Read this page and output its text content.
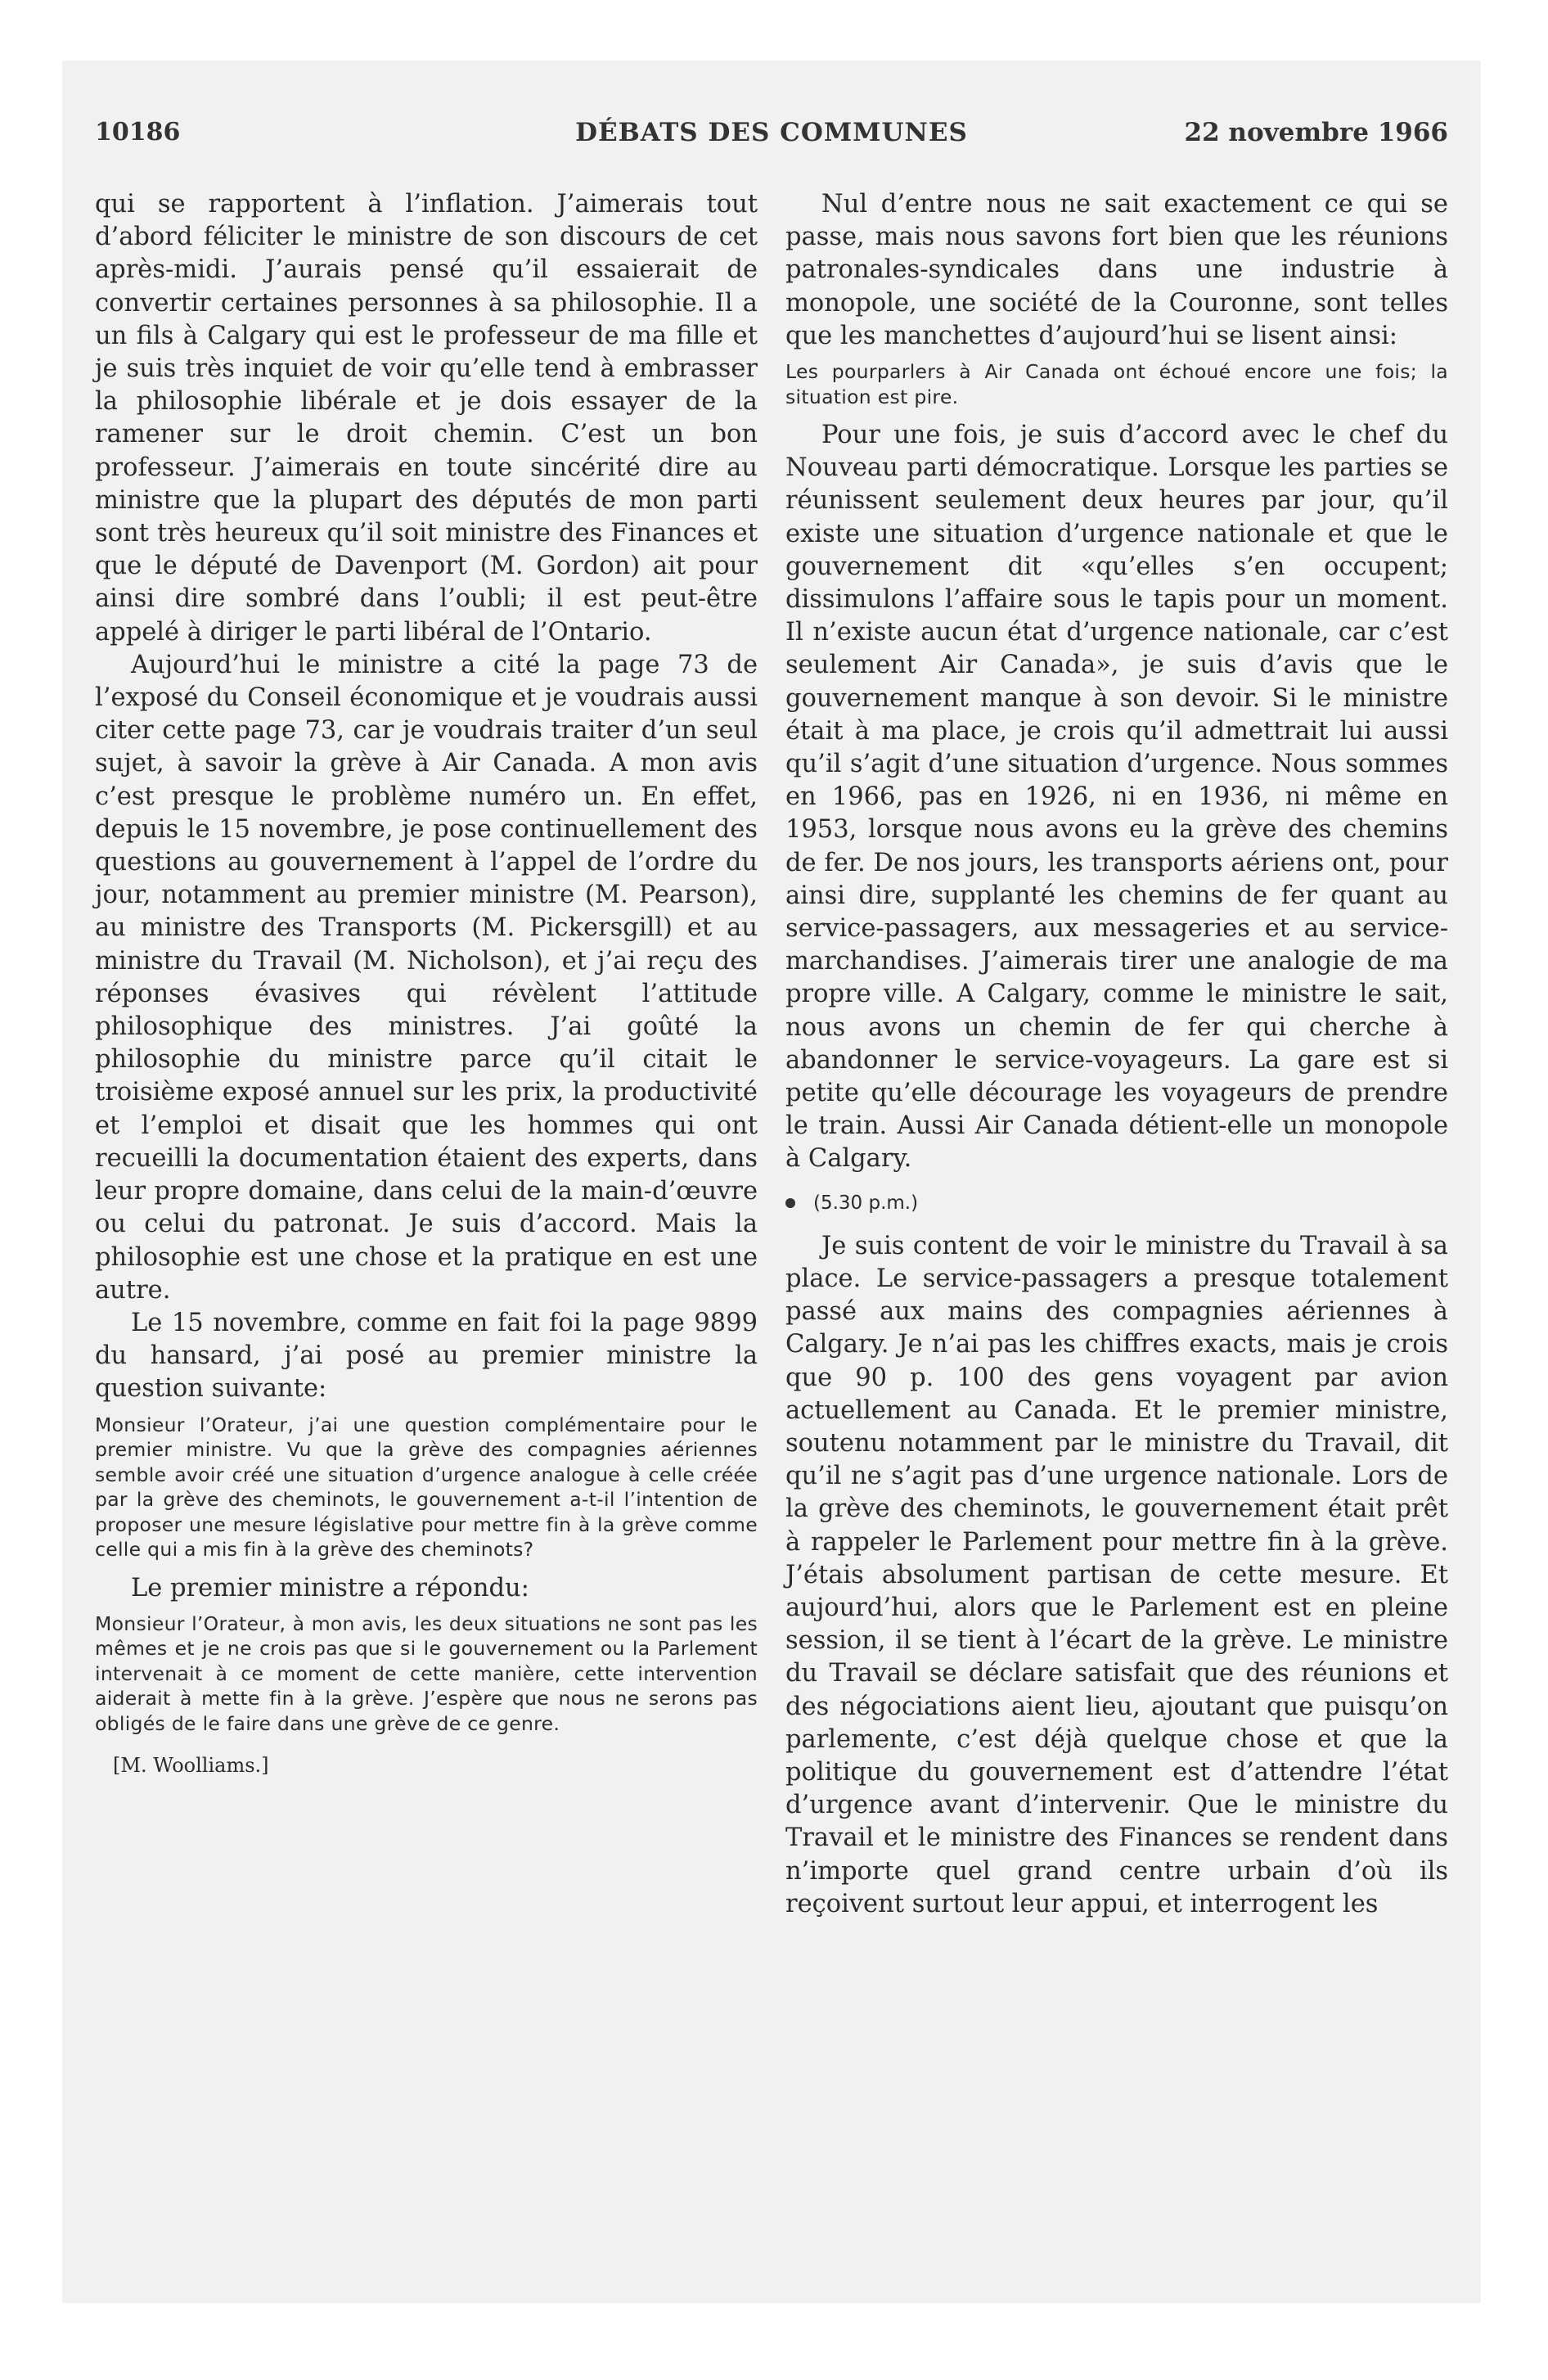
10186	DÉBATS DES COMMUNES	22 novembre 1966

qui se rapportent à l’inflation. J’aimerais tout d’abord féliciter le ministre de son discours de cet après-midi. J’aurais pensé qu’il essaierait de convertir certaines personnes à sa philosophie. Il a un fils à Calgary qui est le professeur de ma fille et je suis très inquiet de voir qu’elle tend à embrasser la philosophie libérale et je dois essayer de la ramener sur le droit chemin. C’est un bon professeur. J’aimerais en toute sincérité dire au ministre que la plupart des députés de mon parti sont très heureux qu’il soit ministre des Finances et que le député de Davenport (M. Gordon) ait pour ainsi dire sombré dans l’oubli; il est peut-être appelé à diriger le parti libéral de l’Ontario.

Aujourd’hui le ministre a cité la page 73 de l’exposé du Conseil économique et je voudrais aussi citer cette page 73, car je voudrais traiter d’un seul sujet, à savoir la grève à Air Canada. A mon avis c’est presque le problème numéro un. En effet, depuis le 15 novembre, je pose continuellement des questions au gouvernement à l’appel de l’ordre du jour, notamment au premier ministre (M. Pearson), au ministre des Transports (M. Pickersgill) et au ministre du Travail (M. Nicholson), et j’ai reçu des réponses évasives qui révèlent l’attitude philosophique des ministres. J’ai goûté la philosophie du ministre parce qu’il citait le troisième exposé annuel sur les prix, la productivité et l’emploi et disait que les hommes qui ont recueilli la documentation étaient des experts, dans leur propre domaine, dans celui de la main-d’œuvre ou celui du patronat. Je suis d’accord. Mais la philosophie est une chose et la pratique en est une autre.

Le 15 novembre, comme en fait foi la page 9899 du hansard, j’ai posé au premier ministre la question suivante:

Monsieur l’Orateur, j’ai une question complémentaire pour le premier ministre. Vu que la grève des compagnies aériennes semble avoir créé une situation d’urgence analogue à celle créée par la grève des cheminots, le gouvernement a-t-il l’intention de proposer une mesure législative pour mettre fin à la grève comme celle qui a mis fin à la grève des cheminots?

Le premier ministre a répondu:

Monsieur l’Orateur, à mon avis, les deux situations ne sont pas les mêmes et je ne crois pas que si le gouvernement ou la Parlement intervenait à ce moment de cette manière, cette intervention aiderait à mette fin à la grève. J’espère que nous ne serons pas obligés de le faire dans une grève de ce genre.

[M. Woolliams.]

Nul d’entre nous ne sait exactement ce qui se passe, mais nous savons fort bien que les réunions patronales-syndicales dans une industrie à monopole, une société de la Couronne, sont telles que les manchettes d’aujourd’hui se lisent ainsi:

Les pourparlers à Air Canada ont échoué encore une fois; la situation est pire.

Pour une fois, je suis d’accord avec le chef du Nouveau parti démocratique. Lorsque les parties se réunissent seulement deux heures par jour, qu’il existe une situation d’urgence nationale et que le gouvernement dit «qu’elles s’en occupent; dissimulons l’affaire sous le tapis pour un moment. Il n’existe aucun état d’urgence nationale, car c’est seulement Air Canada», je suis d’avis que le gouvernement manque à son devoir. Si le ministre était à ma place, je crois qu’il admettrait lui aussi qu’il s’agit d’une situation d’urgence. Nous sommes en 1966, pas en 1926, ni en 1936, ni même en 1953, lorsque nous avons eu la grève des chemins de fer. De nos jours, les transports aériens ont, pour ainsi dire, supplanté les chemins de fer quant au service-passagers, aux messageries et au service-marchandises. J’aimerais tirer une analogie de ma propre ville. A Calgary, comme le ministre le sait, nous avons un chemin de fer qui cherche à abandonner le service-voyageurs. La gare est si petite qu’elle décourage les voyageurs de prendre le train. Aussi Air Canada détient-elle un monopole à Calgary.

(5.30 p.m.)

Je suis content de voir le ministre du Travail à sa place. Le service-passagers a presque totalement passé aux mains des compagnies aériennes à Calgary. Je n’ai pas les chiffres exacts, mais je crois que 90 p. 100 des gens voyagent par avion actuellement au Canada. Et le premier ministre, soutenu notamment par le ministre du Travail, dit qu’il ne s’agit pas d’une urgence nationale. Lors de la grève des cheminots, le gouvernement était prêt à rappeler le Parlement pour mettre fin à la grève. J’étais absolument partisan de cette mesure. Et aujourd’hui, alors que le Parlement est en pleine session, il se tient à l’écart de la grève. Le ministre du Travail se déclare satisfait que des réunions et des négociations aient lieu, ajoutant que puisqu’on parlemente, c’est déjà quelque chose et que la politique du gouvernement est d’attendre l’état d’urgence avant d’intervenir. Que le ministre du Travail et le ministre des Finances se rendent dans n’importe quel grand centre urbain d’où ils reçoivent surtout leur appui, et interrogent les
